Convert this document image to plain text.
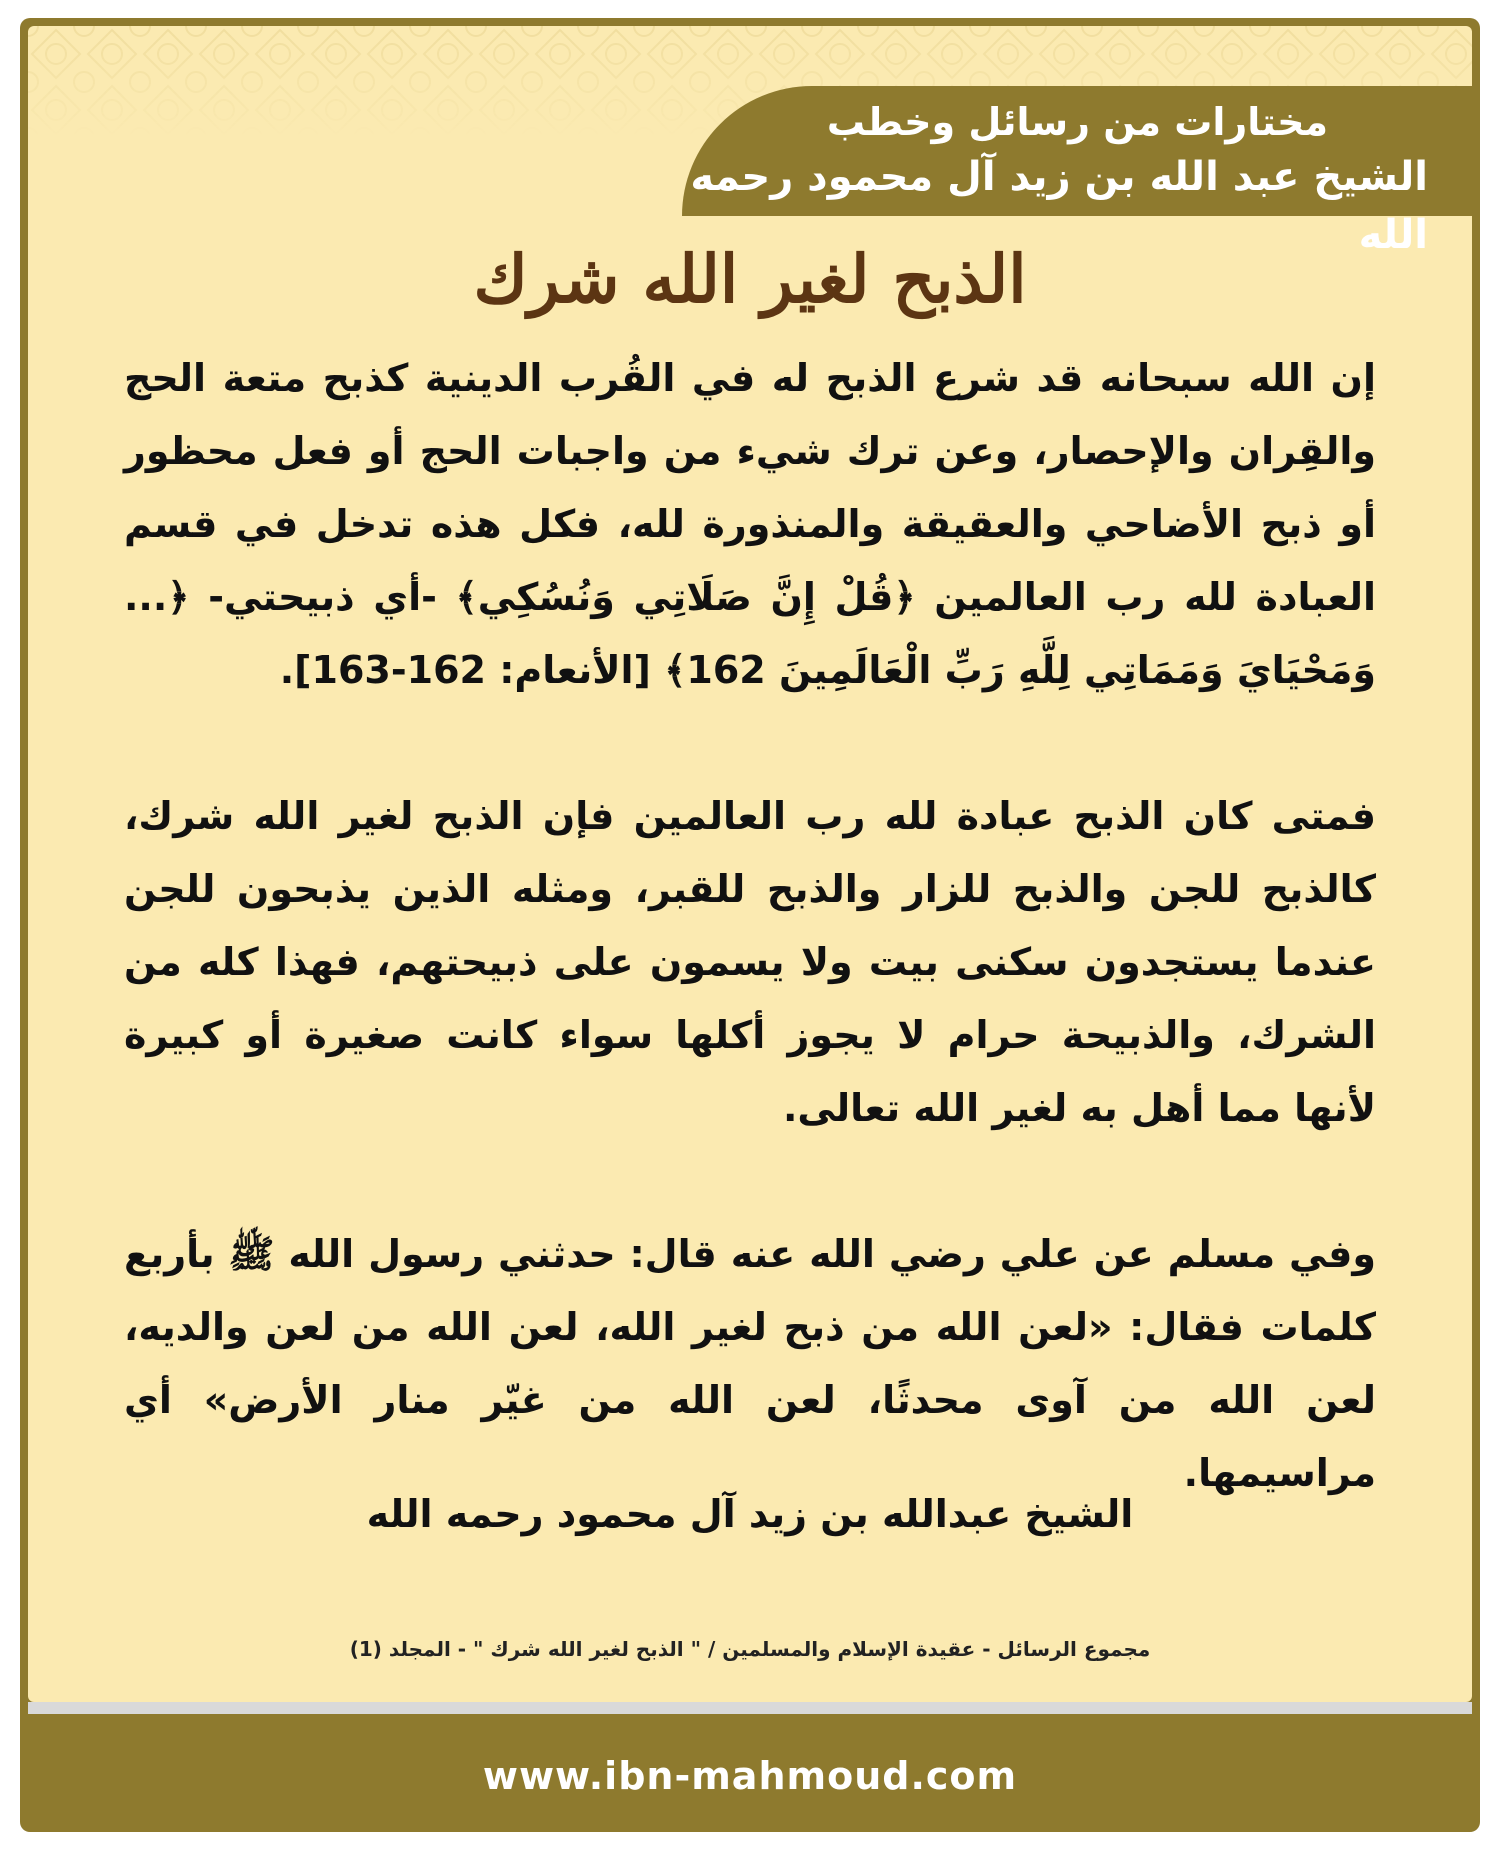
مختارات من رسائل وخطب
الشيخ عبد الله بن زيد آل محمود رحمه الله
الذبح لغير الله شرك

إن الله سبحانه قد شرع الذبح له في القُرب الدينية كذبح متعة الحج والقِران والإحصار، وعن ترك شيء من واجبات الحج أو فعل محظور أو ذبح الأضاحي والعقيقة والمنذورة لله، فكل هذه تدخل في قسم العبادة لله رب العالمين ﴿قُلْ إِنَّ صَلَاتِي وَنُسُكِي﴾ -أي ذبيحتي- ﴿... وَمَحْيَايَ وَمَمَاتِي لِلَّهِ رَبِّ الْعَالَمِينَ 162﴾ [الأنعام: 162-163].

فمتى كان الذبح عبادة لله رب العالمين فإن الذبح لغير الله شرك، كالذبح للجن والذبح للزار والذبح للقبر، ومثله الذين يذبحون للجن عندما يستجدون سكنى بيت ولا يسمون على ذبيحتهم، فهذا كله من الشرك، والذبيحة حرام لا يجوز أكلها سواء كانت صغيرة أو كبيرة لأنها مما أهل به لغير الله تعالى.

وفي مسلم عن علي رضي الله عنه قال: حدثني رسول الله ﷺ بأربع كلمات فقال: «لعن الله من ذبح لغير الله، لعن الله من لعن والديه، لعن الله من آوى محدثًا، لعن الله من غيّر منار الأرض» أي مراسيمها.

الشيخ عبدالله بن زيد آل محمود رحمه الله
مجموع الرسائل - عقيدة الإسلام والمسلمين / " الذبح لغير الله شرك " - المجلد (1)
www.ibn-mahmoud.com
